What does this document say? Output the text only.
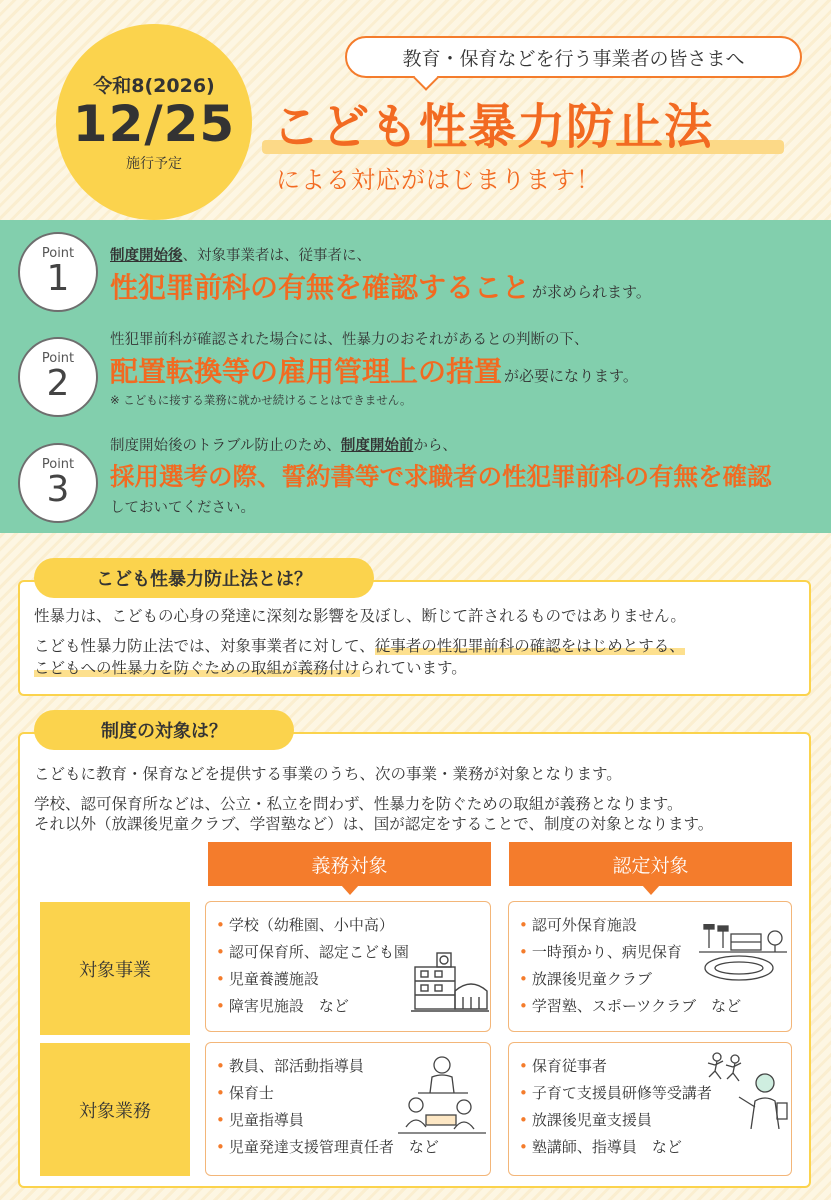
令和8(2026)
12/25
施行予定
教育・保育などを行う事業者の皆さまへ
こども性暴力防止法
による対応がはじまります！
Point
1
制度開始後、対象事業者は、従事者に、
性犯罪前科の有無を確認すること が求められます。
Point
2
性犯罪前科が確認された場合には、性暴力のおそれがあるとの判断の下、
配置転換等の雇用管理上の措置 が必要になります。
※ こどもに接する業務に就かせ続けることはできません。
Point
3
制度開始後のトラブル防止のため、制度開始前から、
採用選考の際、誓約書等で求職者の性犯罪前科の有無を確認
しておいてください。
性暴力は、こどもの心身の発達に深刻な影響を及ぼし、断じて許されるものではありません。
こども性暴力防止法では、対象事業者に対して、従事者の性犯罪前科の確認をはじめとする、
こどもへの性暴力を防ぐための取組が義務付けられています。
こども性暴力防止法とは？
こどもに教育・保育などを提供する事業のうち、次の事業・業務が対象となります。
学校、認可保育所などは、公立・私立を問わず、性暴力を防ぐための取組が義務となります。
それ以外（放課後児童クラブ、学習塾など）は、国が認定をすることで、制度の対象となります。
制度の対象は？
義務対象	認定対象
対象事業
対象業務
• 学校（幼稚園、小中高）
• 認可保育所、認定こども園
• 児童養護施設
• 障害児施設　など
• 認可外保育施設
• 一時預かり、病児保育
• 放課後児童クラブ
• 学習塾、スポーツクラブ　など
• 教員、部活動指導員
• 保育士
• 児童指導員
• 児童発達支援管理責任者　など
• 保育従事者
• 子育て支援員研修等受講者
• 放課後児童支援員
• 塾講師、指導員　など
